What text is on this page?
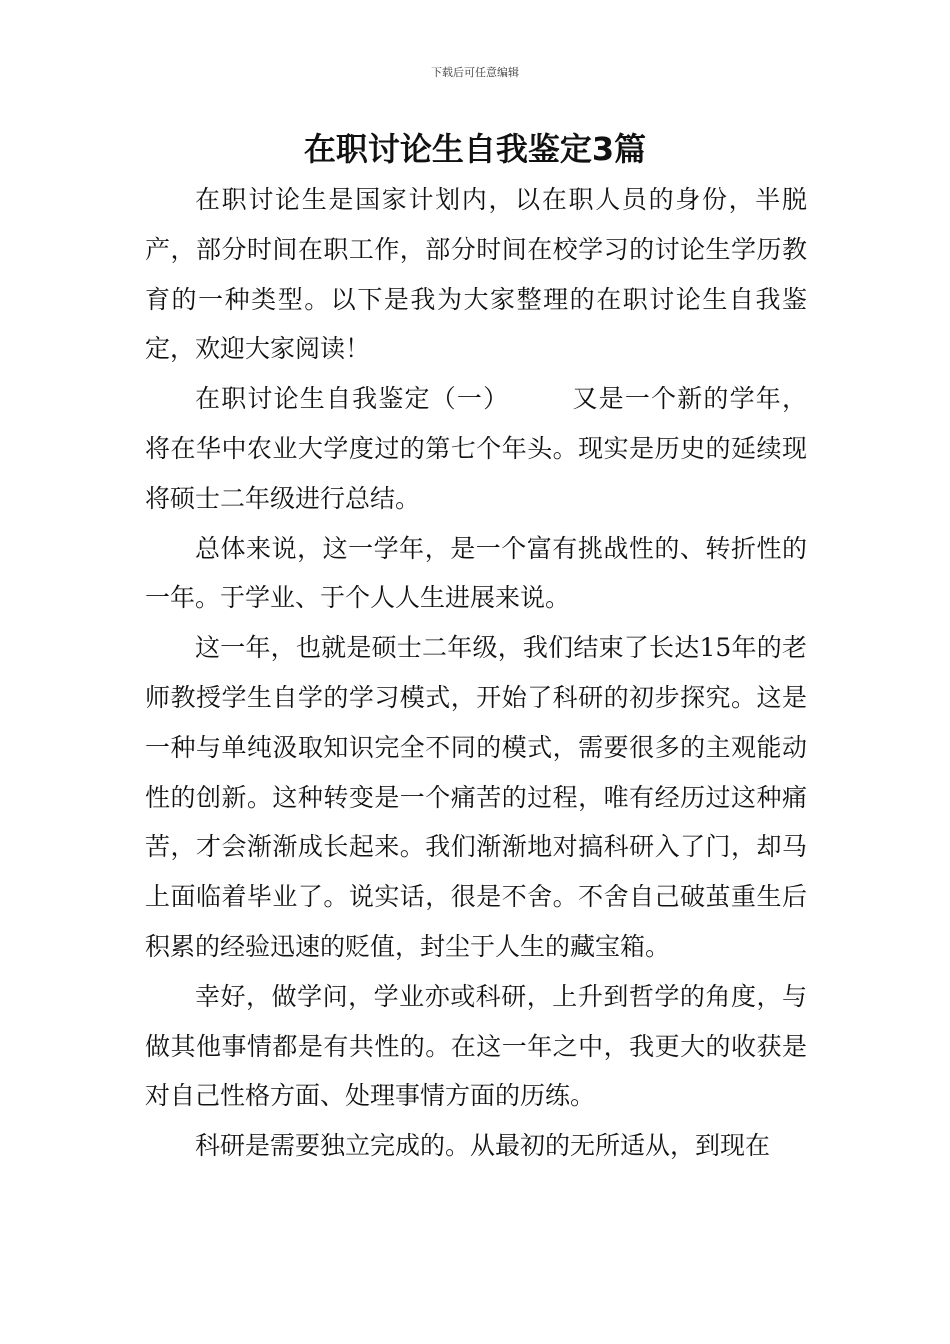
下载后可任意编辑
在职讨论生自我鉴定3篇

在职讨论生是国家计划内，以在职人员的身份，半脱产，部分时间在职工作，部分时间在校学习的讨论生学历教育的一种类型。以下是我为大家整理的在职讨论生自我鉴定，欢迎大家阅读！

在职讨论生自我鉴定（一） 又是一个新的学年，将在华中农业大学度过的第七个年头。现实是历史的延续现将硕士二年级进行总结。

总体来说，这一学年，是一个富有挑战性的、转折性的一年。于学业、于个人人生进展来说。

这一年，也就是硕士二年级，我们结束了长达15年的老师教授学生自学的学习模式，开始了科研的初步探究。这是一种与单纯汲取知识完全不同的模式，需要很多的主观能动性的创新。这种转变是一个痛苦的过程，唯有经历过这种痛苦，才会渐渐成长起来。我们渐渐地对搞科研入了门，却马上面临着毕业了。说实话，很是不舍。不舍自己破茧重生后积累的经验迅速的贬值，封尘于人生的藏宝箱。

幸好，做学问，学业亦或科研，上升到哲学的角度，与做其他事情都是有共性的。在这一年之中，我更大的收获是对自己性格方面、处理事情方面的历练。

科研是需要独立完成的。从最初的无所适从，到现在
